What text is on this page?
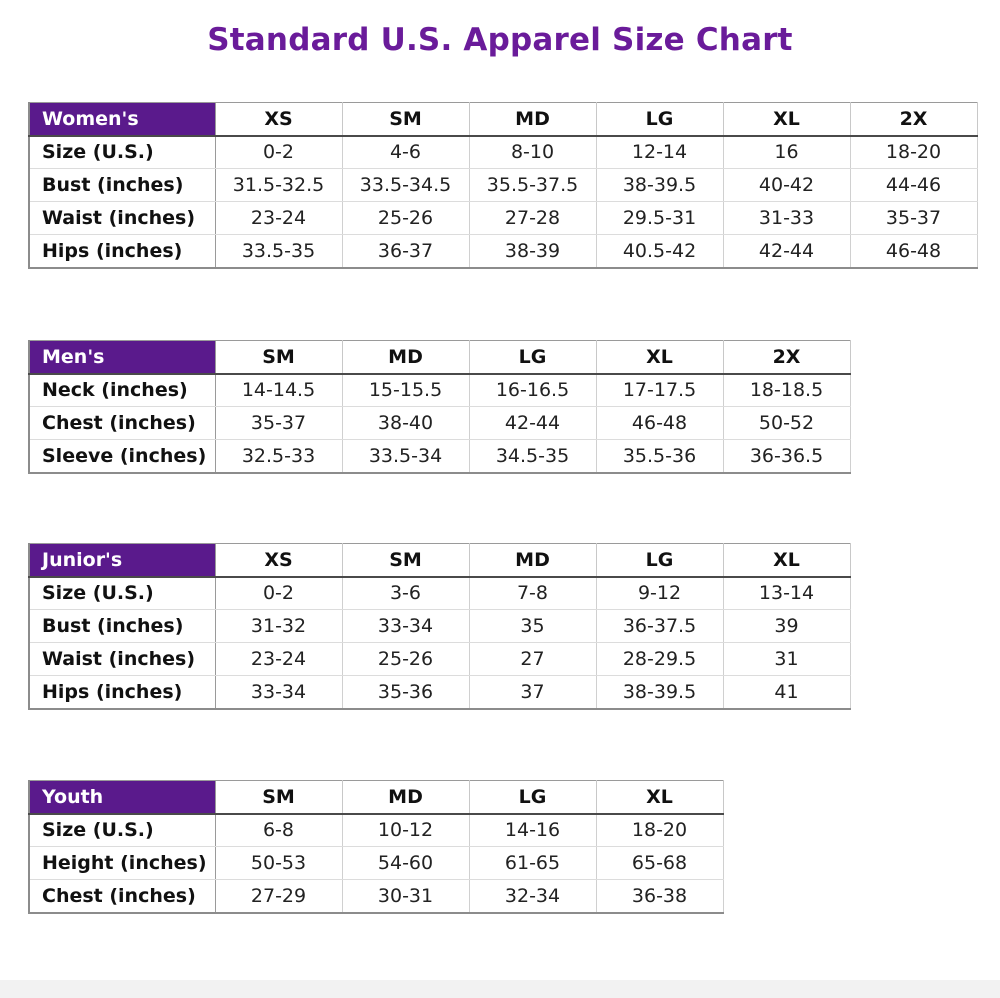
Standard U.S. Apparel Size Chart
Women's	XS	SM	MD	LG	XL	2X
Size (U.S.)	0-2	4-6	8-10	12-14	16	18-20
Bust (inches)	31.5-32.5	33.5-34.5	35.5-37.5	38-39.5	40-42	44-46
Waist (inches)	23-24	25-26	27-28	29.5-31	31-33	35-37
Hips (inches)	33.5-35	36-37	38-39	40.5-42	42-44	46-48
Men's	SM	MD	LG	XL	2X
Neck (inches)	14-14.5	15-15.5	16-16.5	17-17.5	18-18.5
Chest (inches)	35-37	38-40	42-44	46-48	50-52
Sleeve (inches)	32.5-33	33.5-34	34.5-35	35.5-36	36-36.5
Junior's	XS	SM	MD	LG	XL
Size (U.S.)	0-2	3-6	7-8	9-12	13-14
Bust (inches)	31-32	33-34	35	36-37.5	39
Waist (inches)	23-24	25-26	27	28-29.5	31
Hips (inches)	33-34	35-36	37	38-39.5	41
Youth	SM	MD	LG	XL
Size (U.S.)	6-8	10-12	14-16	18-20
Height (inches)	50-53	54-60	61-65	65-68
Chest (inches)	27-29	30-31	32-34	36-38
